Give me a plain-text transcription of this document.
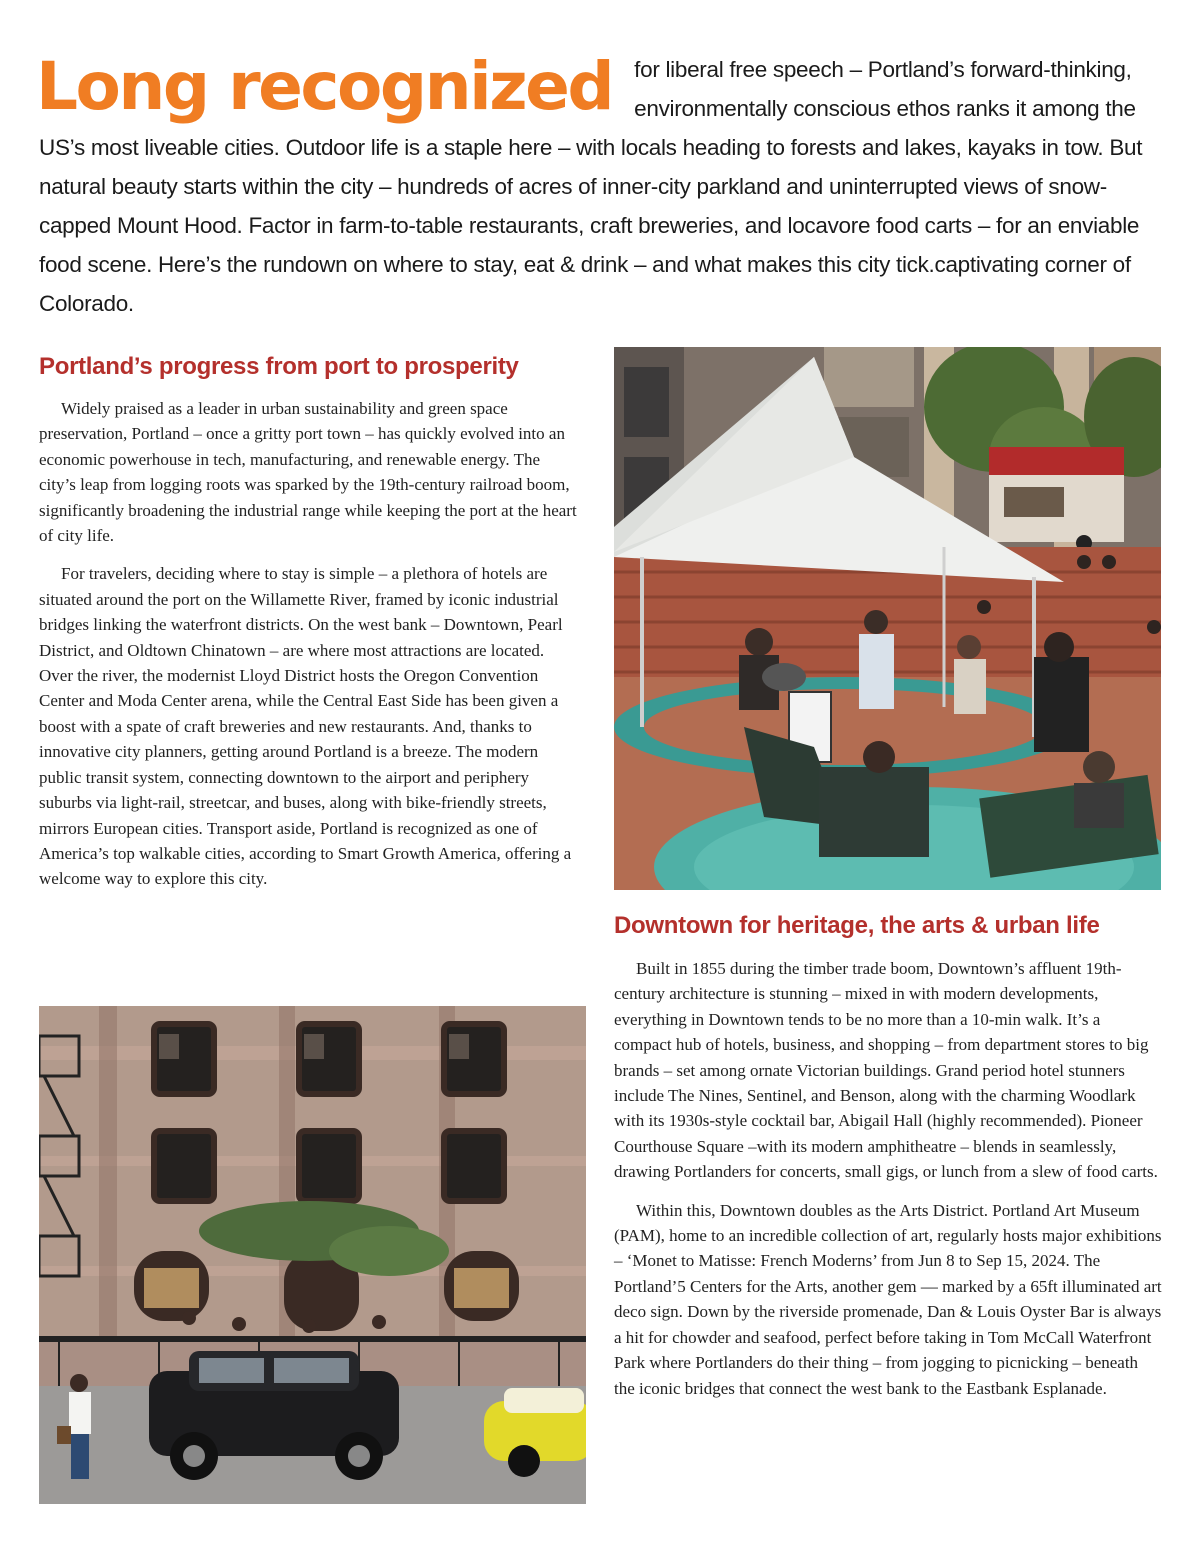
Long recognized for liberal free speech – Portland’s forward-thinking, environmentally conscious ethos ranks it among the US’s most liveable cities. Outdoor life is a staple here – with locals heading to forests and lakes, kayaks in tow. But natural beauty starts within the city – hundreds of acres of inner-city parkland and uninterrupted views of snow-capped Mount Hood. Factor in farm-to-table restaurants, craft breweries, and locavore food carts – for an enviable food scene. Here’s the rundown on where to stay, eat & drink – and what makes this city tick.captivating corner of Colorado.
Portland’s progress from port to prosperity

Widely praised as a leader in urban sustainability and green space preservation, Portland – once a gritty port town – has quickly evolved into an economic powerhouse in tech, manufacturing, and renewable energy. The city’s leap from logging roots was sparked by the 19th-century railroad boom, significantly broadening the industrial range while keeping the port at the heart of city life.

For travelers, deciding where to stay is simple – a plethora of hotels are situated around the port on the Willamette River, framed by iconic industrial bridges linking the waterfront districts. On the west bank – Downtown, Pearl District, and Oldtown Chinatown – are where most attractions are located. Over the river, the modernist Lloyd District hosts the Oregon Convention Center and Moda Center arena, while the Central East Side has been given a boost with a spate of craft breweries and new restaurants. And, thanks to innovative city planners, getting around Portland is a breeze. The modern public transit system, connecting downtown to the airport and periphery suburbs via light-rail, streetcar, and buses, along with bike-friendly streets, mirrors European cities. Transport aside, Portland is recognized as one of America’s top walkable cities, according to Smart Growth America, offering a welcome way to explore this city.

Downtown for heritage, the arts & urban life

Built in 1855 during the timber trade boom, Downtown’s affluent 19th-century architecture is stunning – mixed in with modern developments, everything in Downtown tends to be no more than a 10-min walk. It’s a compact hub of hotels, business, and shopping – from department stores to big brands – set among ornate Victorian buildings. Grand period hotel stunners include The Nines, Sentinel, and Benson, along with the charming Woodlark with its 1930s-style cocktail bar, Abigail Hall (highly recommended). Pioneer Courthouse Square –with its modern amphitheatre – blends in seamlessly, drawing Portlanders for concerts, small gigs, or lunch from a slew of food carts.

Within this, Downtown doubles as the Arts District. Portland Art Museum (PAM), home to an incredible collection of art, regularly hosts major exhibitions – ‘Monet to Matisse: French Moderns’ from Jun 8 to Sep 15, 2024. The Portland’5 Centers for the Arts, another gem — marked by a 65ft illuminated art deco sign. Down by the riverside promenade, Dan & Louis Oyster Bar is always a hit for chowder and seafood, perfect before taking in Tom McCall Waterfront Park where Portlanders do their thing – from jogging to picnicking – beneath the iconic bridges that connect the west bank to the Eastbank Esplanade.
